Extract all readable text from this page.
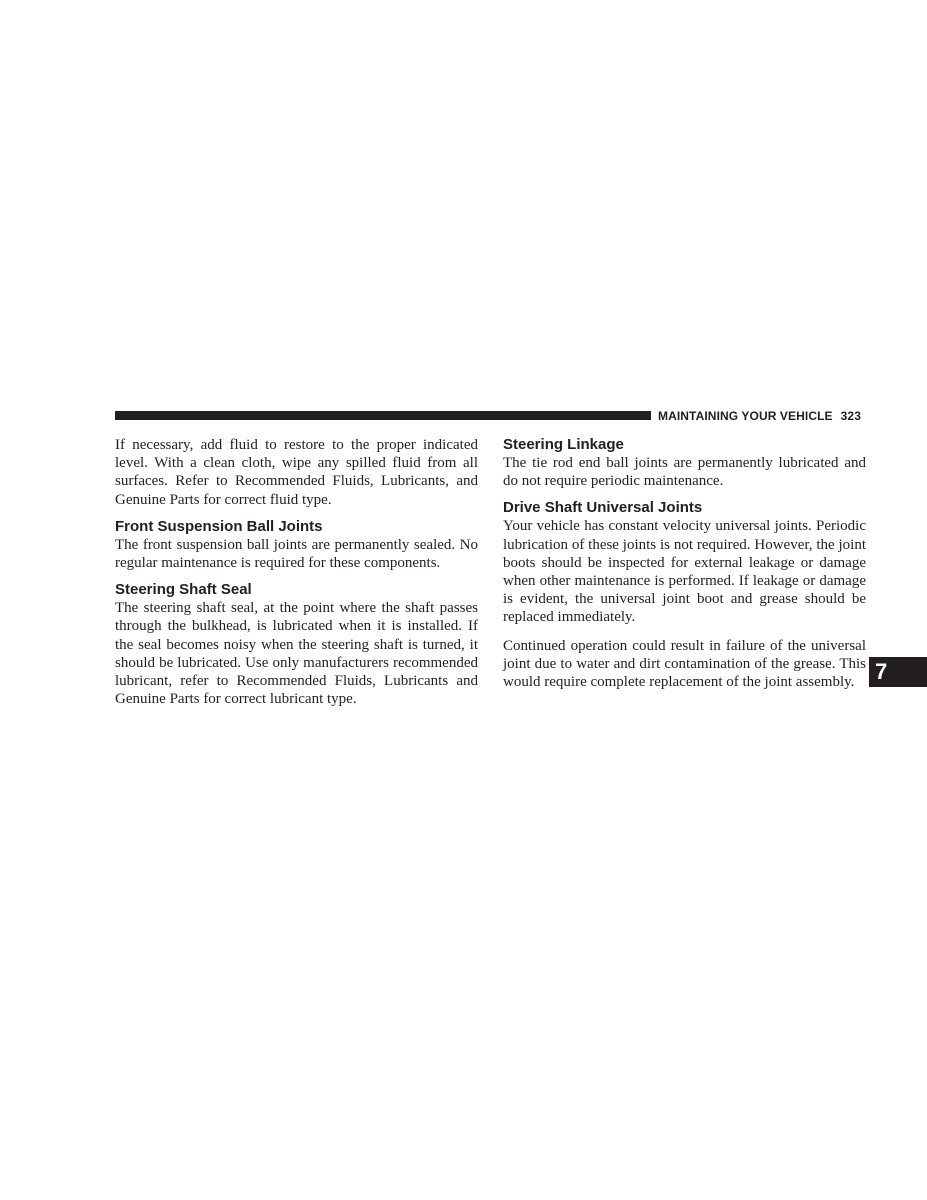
MAINTAINING YOUR VEHICLE 323

If necessary, add fluid to restore to the proper indicated level. With a clean cloth, wipe any spilled fluid from all surfaces. Refer to Recommended Fluids, Lubricants, and Genuine Parts for correct fluid type.

Front Suspension Ball Joints

The front suspension ball joints are permanently sealed. No regular maintenance is required for these components.

Steering Shaft Seal

The steering shaft seal, at the point where the shaft passes through the bulkhead, is lubricated when it is installed. If the seal becomes noisy when the steering shaft is turned, it should be lubricated. Use only manufacturers recommended lubricant, refer to Recommended Fluids, Lubricants and Genuine Parts for correct lubricant type.

Steering Linkage

The tie rod end ball joints are permanently lubricated and do not require periodic maintenance.

Drive Shaft Universal Joints

Your vehicle has constant velocity universal joints. Periodic lubrication of these joints is not required. However, the joint boots should be inspected for external leakage or damage when other maintenance is performed. If leakage or damage is evident, the universal joint boot and grease should be replaced immediately.

Continued operation could result in failure of the universal joint due to water and dirt contamination of the grease. This would require complete replacement of the joint assembly. 7
